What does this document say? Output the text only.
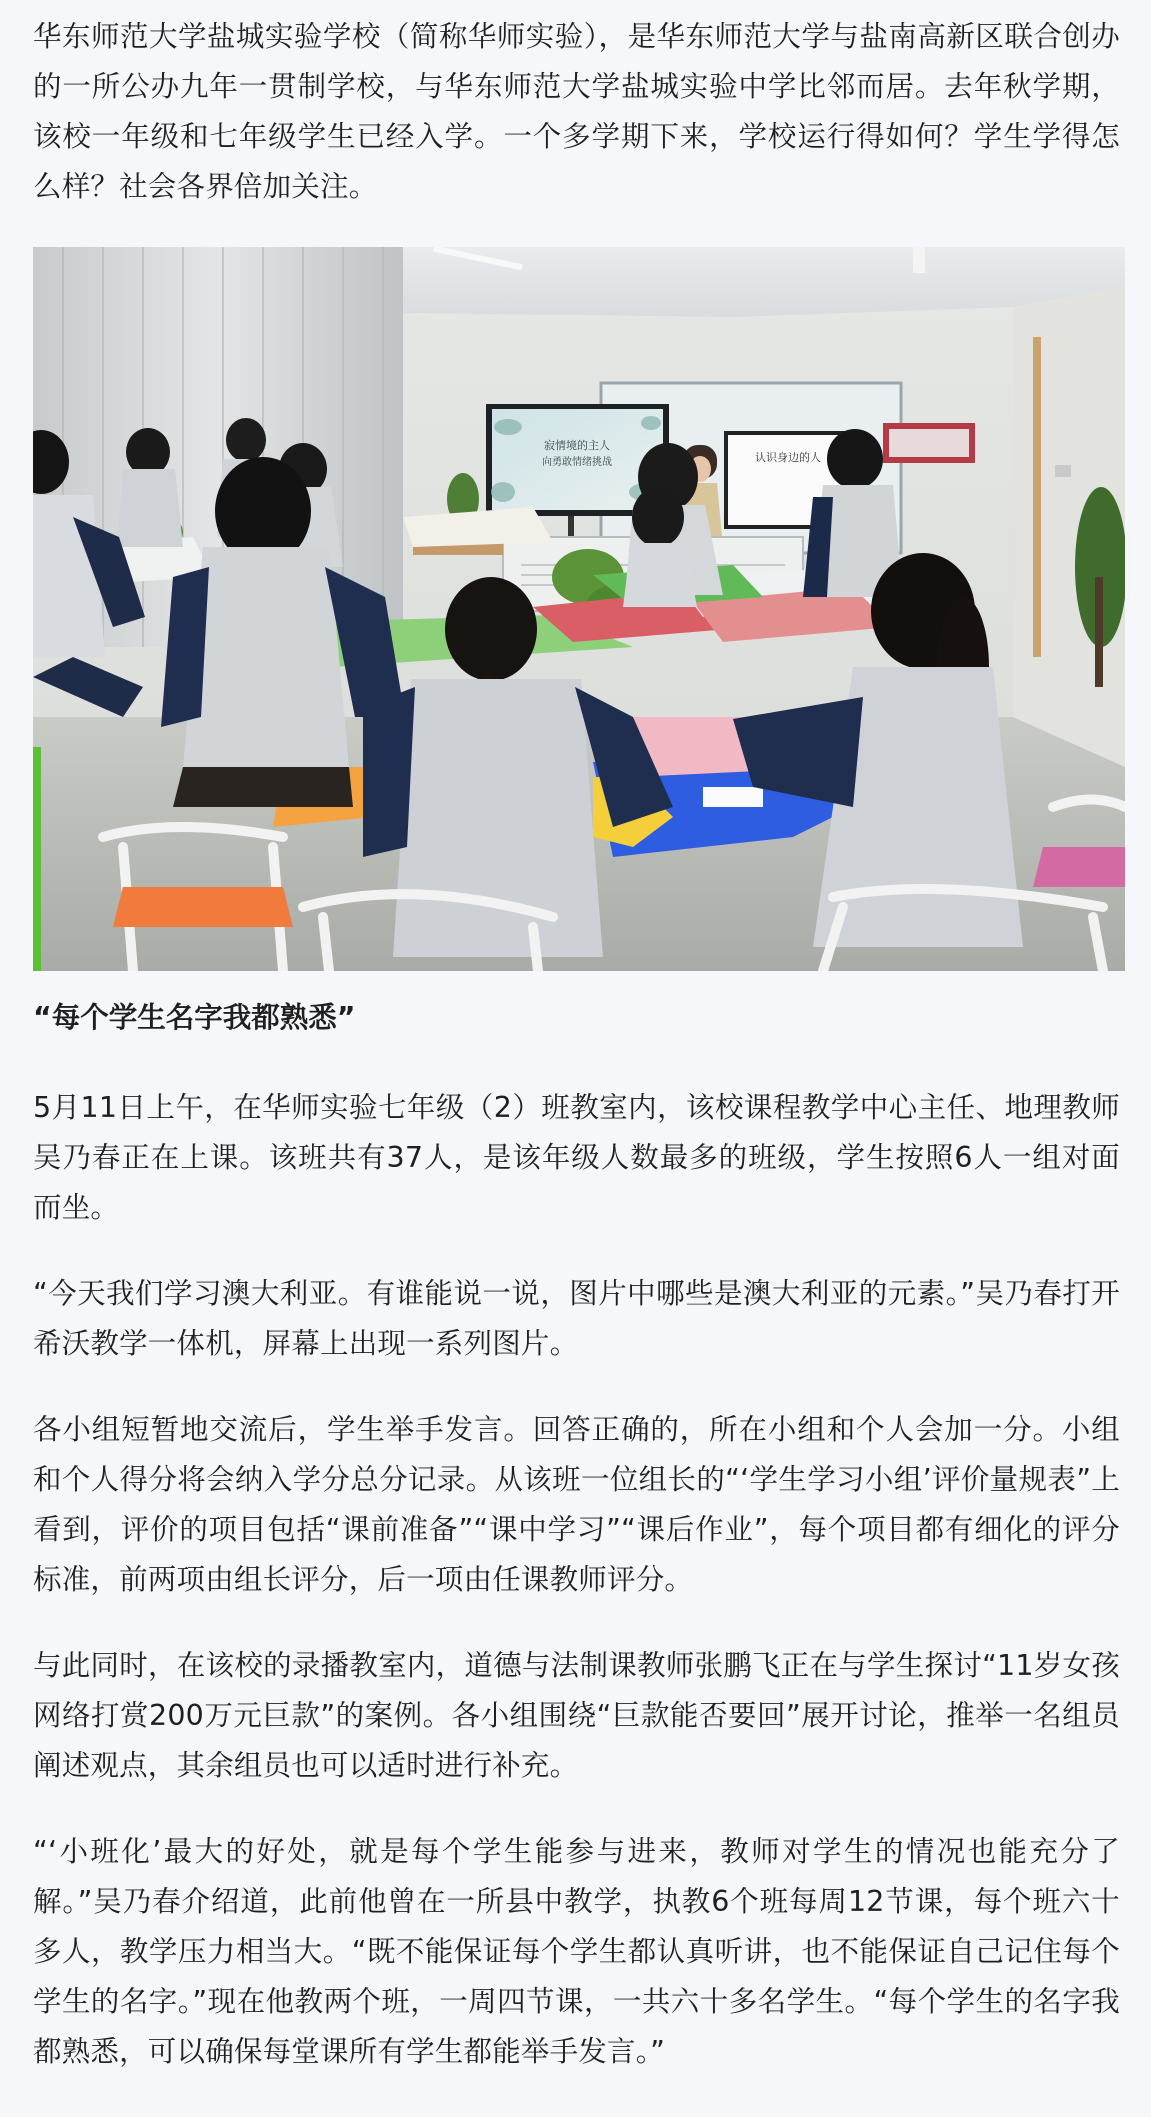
华东师范大学盐城实验学校（简称华师实验），是华东师范大学与盐南高新区联合创办的一所公办九年一贯制学校，与华东师范大学盐城实验中学比邻而居。去年秋学期，该校一年级和七年级学生已经入学。一个多学期下来，学校运行得如何？学生学得怎么样？社会各界倍加关注。

寂情境的主人
向勇敢情绪挑战	认识身边的人

“每个学生名字我都熟悉”

5月11日上午，在华师实验七年级（2）班教室内，该校课程教学中心主任、地理教师吴乃春正在上课。该班共有37人，是该年级人数最多的班级，学生按照6人一组对面而坐。

“今天我们学习澳大利亚。有谁能说一说，图片中哪些是澳大利亚的元素。”吴乃春打开希沃教学一体机，屏幕上出现一系列图片。

各小组短暂地交流后，学生举手发言。回答正确的，所在小组和个人会加一分。小组和个人得分将会纳入学分总分记录。从该班一位组长的“‘学生学习小组’评价量规表”上看到，评价的项目包括“课前准备”“课中学习”“课后作业”，每个项目都有细化的评分标准，前两项由组长评分，后一项由任课教师评分。

与此同时，在该校的录播教室内，道德与法制课教师张鹏飞正在与学生探讨“11岁女孩网络打赏200万元巨款”的案例。各小组围绕“巨款能否要回”展开讨论，推举一名组员阐述观点，其余组员也可以适时进行补充。

“‘小班化’最大的好处，就是每个学生能参与进来，教师对学生的情况也能充分了解。”吴乃春介绍道，此前他曾在一所县中教学，执教6个班每周12节课，每个班六十多人，教学压力相当大。“既不能保证每个学生都认真听讲，也不能保证自己记住每个学生的名字。”现在他教两个班，一周四节课，一共六十多名学生。“每个学生的名字我都熟悉，可以确保每堂课所有学生都能举手发言。”
